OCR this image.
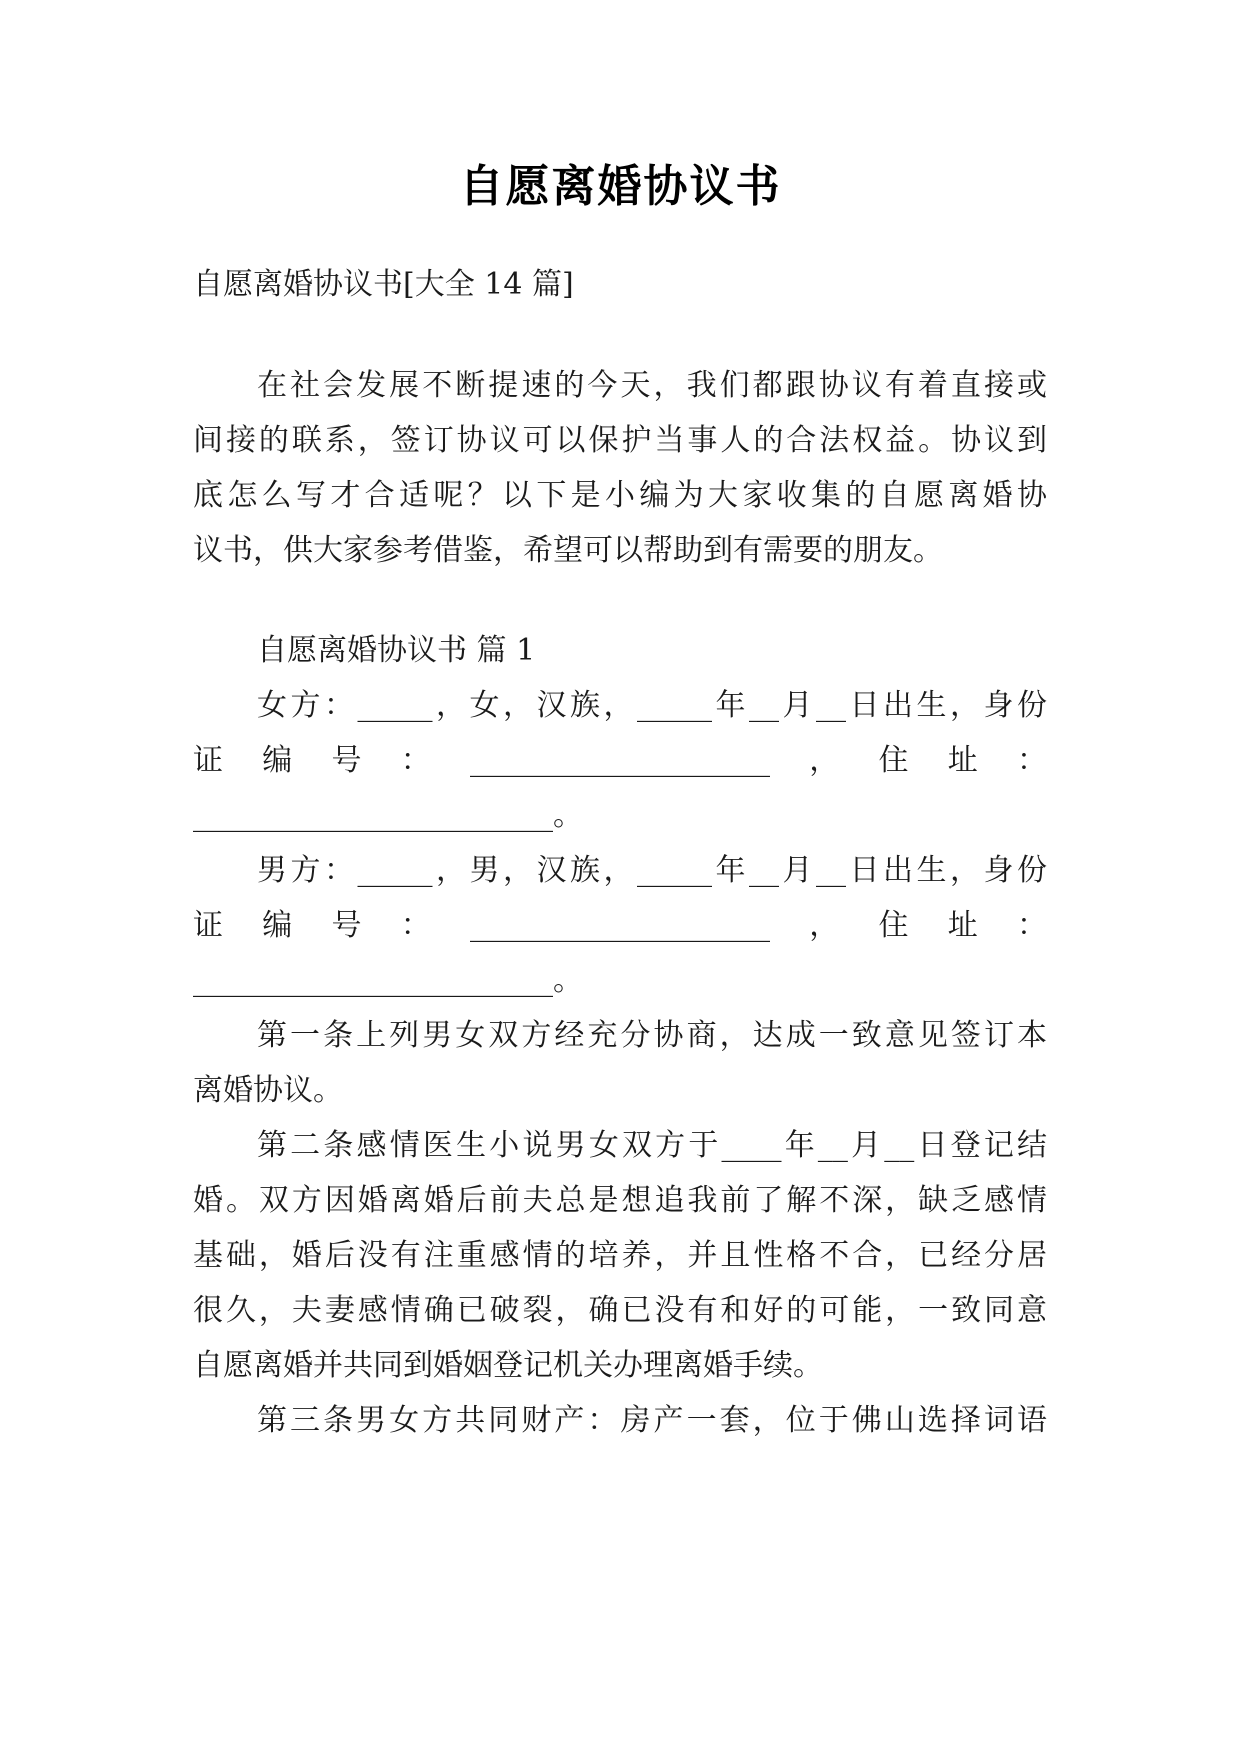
自愿离婚协议书
自愿离婚协议书[大全 14 篇]
在社会发展不断提速的今天，我们都跟协议有着直接或
间接的联系，签订协议可以保护当事人的合法权益。协议到
底怎么写才合适呢？以下是小编为大家收集的自愿离婚协
议书，供大家参考借鉴，希望可以帮助到有需要的朋友。
自愿离婚协议书 篇 1
女方：_____，女，汉族，_____年__月__日出生，身份
证编号：____________________，住址：
________________________。
男方：_____，男，汉族，_____年__月__日出生，身份
证编号：____________________，住址：
________________________。
第一条上列男女双方经充分协商，达成一致意见签订本
离婚协议。
第二条感情医生小说男女双方于____年__月__日登记结
婚。双方因婚离婚后前夫总是想追我前了解不深，缺乏感情
基础，婚后没有注重感情的培养，并且性格不合，已经分居
很久，夫妻感情确已破裂，确已没有和好的可能，一致同意
自愿离婚并共同到婚姻登记机关办理离婚手续。
第三条男女方共同财产：房产一套，位于佛山选择词语
